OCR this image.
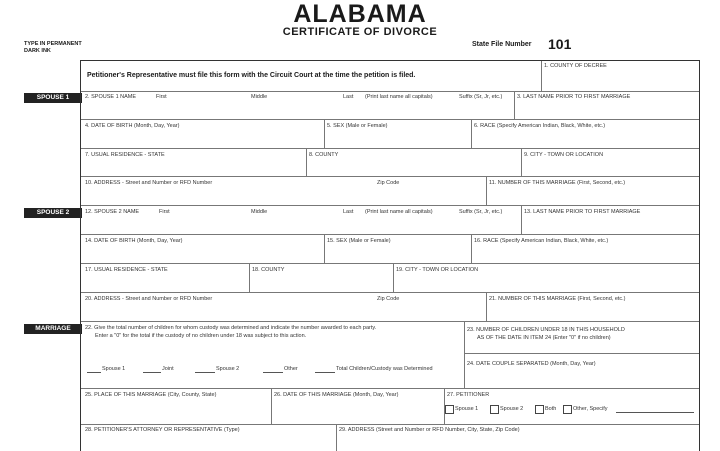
ALABAMA
CERTIFICATE OF DIVORCE
TYPE IN PERMANENT DARK INK
State File Number 101
SPOUSE 1
SPOUSE 2
MARRIAGE
Petitioner's Representative must file this form with the Circuit Court at the time the petition is filed.
1. COUNTY OF DECREE
2. SPOUSE 1 NAME	First	Middle	Last (Print last name all capitals)	Suffix (Sr, Jr, etc.)	3. LAST NAME PRIOR TO FIRST MARRIAGE
4. DATE OF BIRTH (Month, Day, Year)	5. SEX (Male or Female)	6. RACE (Specify American Indian, Black, White, etc.)
7. USUAL RESIDENCE - STATE	8. COUNTY	9. CITY - TOWN OR LOCATION
10. ADDRESS - Street and Number or RFD Number	Zip Code	11. NUMBER OF THIS MARRIAGE (First, Second, etc.)
12. SPOUSE 2 NAME	First	Middle	Last (Print last name all capitals)	Suffix (Sr, Jr, etc.)	13. LAST NAME PRIOR TO FIRST MARRIAGE
14. DATE OF BIRTH (Month, Day, Year)	15. SEX (Male or Female)	16. RACE (Specify American Indian, Black, White, etc.)
17. USUAL RESIDENCE - STATE	18. COUNTY	19. CITY - TOWN OR LOCATION
20. ADDRESS - Street and Number or RFD Number	Zip Code	21. NUMBER OF THIS MARRIAGE (First, Second, etc.)
22. Give the total number of children for whom custody was determined and indicate the number awarded to each party.
Enter a "0" for the total if the custody of no children under 18 was subject to this action.
Spouse 1	Joint	Spouse 2	Other	Total Children/Custody was Determined
23. NUMBER OF CHILDREN UNDER 18 IN THIS HOUSEHOLD
AS OF THE DATE IN ITEM 24 (Enter "0" if no children)
24. DATE COUPLE SEPARATED (Month, Day, Year)
25. PLACE OF THIS MARRIAGE (City, County, State)	26. DATE OF THIS MARRIAGE (Month, Day, Year)	27. PETITIONER
Spouse 1	Spouse 2	Both	Other, Specify
28. PETITIONER'S ATTORNEY OR REPRESENTATIVE (Type)	29. ADDRESS (Street and Number or RFD Number, City, State, Zip Code)
